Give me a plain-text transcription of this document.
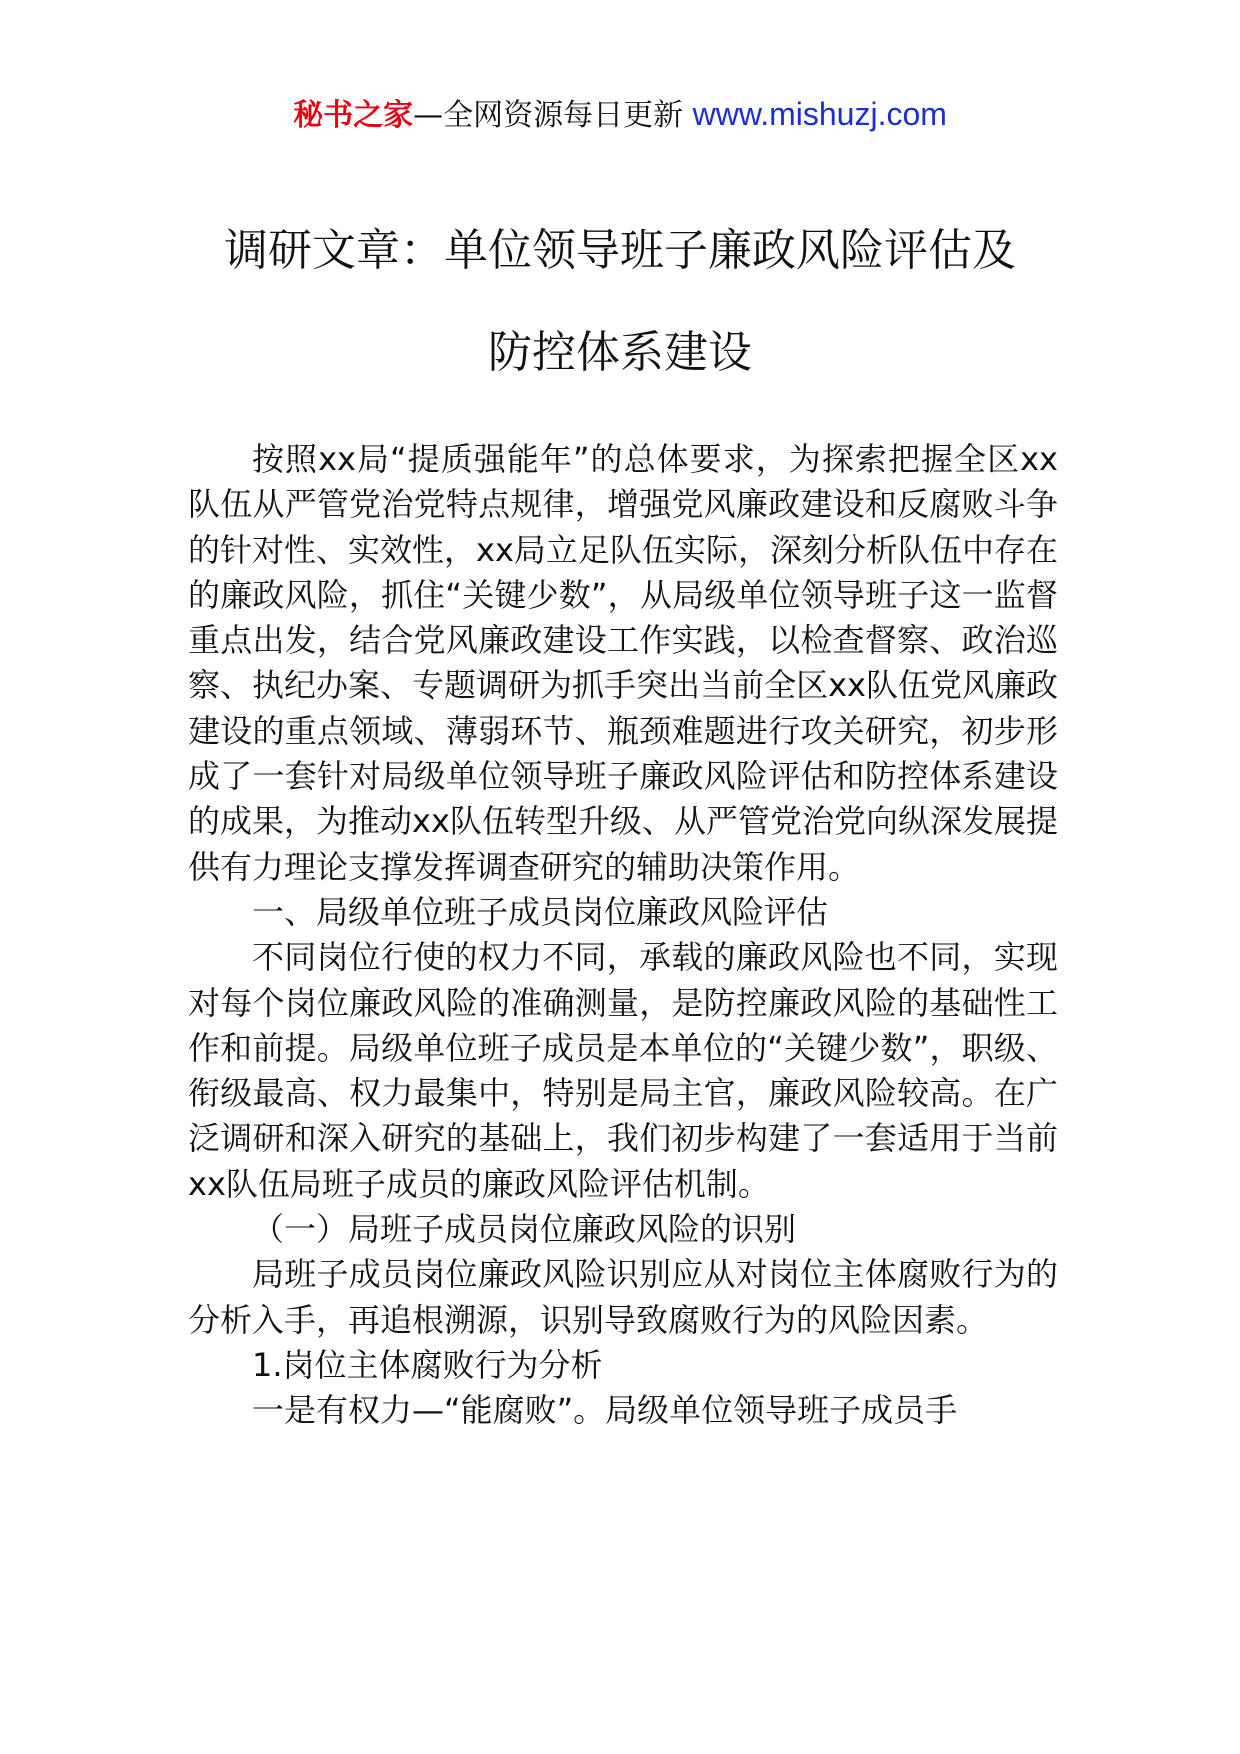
秘书之家—全网资源每日更新 www.mishuzj.com
调研文章：单位领导班子廉政风险评估及
防控体系建设

按照xx局“提质强能年”的总体要求，为探索把握全区xx队伍从严管党治党特点规律，增强党风廉政建设和反腐败斗争的针对性、实效性，xx局立足队伍实际，深刻分析队伍中存在的廉政风险，抓住“关键少数”，从局级单位领导班子这一监督重点出发，结合党风廉政建设工作实践，以检查督察、政治巡察、执纪办案、专题调研为抓手突出当前全区xx队伍党风廉政建设的重点领域、薄弱环节、瓶颈难题进行攻关研究，初步形成了一套针对局级单位领导班子廉政风险评估和防控体系建设的成果，为推动xx队伍转型升级、从严管党治党向纵深发展提供有力理论支撑发挥调查研究的辅助决策作用。

一、局级单位班子成员岗位廉政风险评估

不同岗位行使的权力不同，承载的廉政风险也不同，实现对每个岗位廉政风险的准确测量，是防控廉政风险的基础性工作和前提。局级单位班子成员是本单位的“关键少数”，职级、衔级最高、权力最集中，特别是局主官，廉政风险较高。在广泛调研和深入研究的基础上，我们初步构建了一套适用于当前xx队伍局班子成员的廉政风险评估机制。

（一）局班子成员岗位廉政风险的识别

局班子成员岗位廉政风险识别应从对岗位主体腐败行为的分析入手，再追根溯源，识别导致腐败行为的风险因素。

1.岗位主体腐败行为分析

一是有权力—“能腐败”。局级单位领导班子成员手
